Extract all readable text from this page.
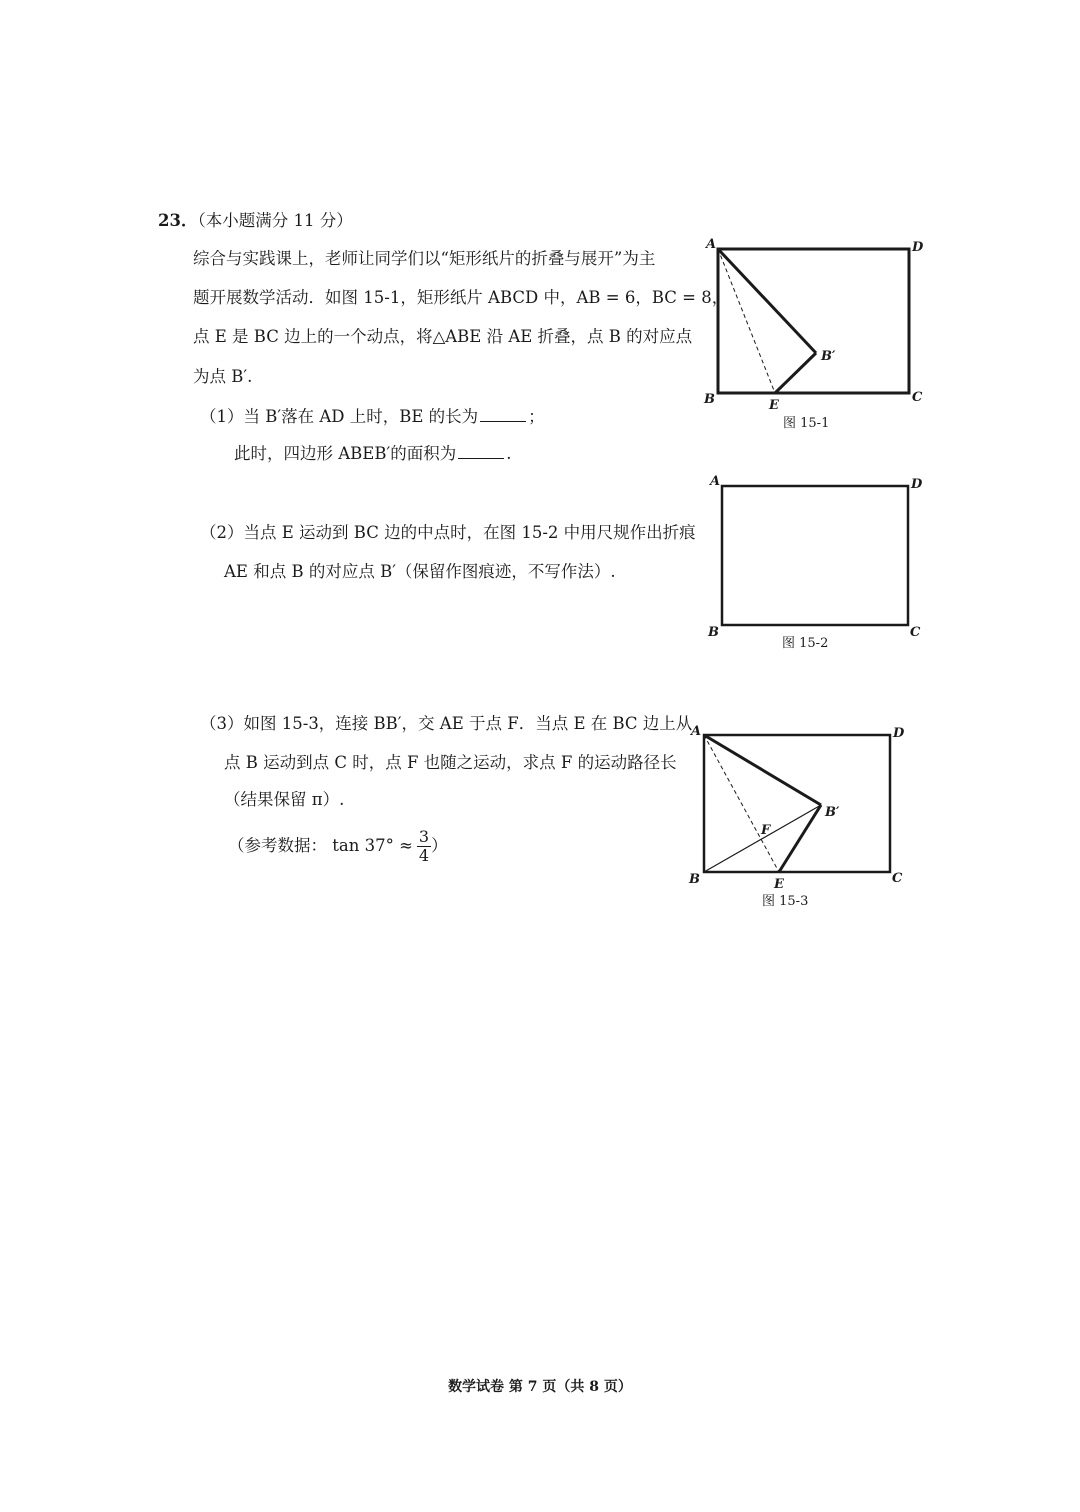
23．（本小题满分 11 分）
综合与实践课上，老师让同学们以“矩形纸片的折叠与展开”为主
题开展数学活动．如图 15-1，矩形纸片 ABCD 中，AB = 6，BC = 8，
点 E 是 BC 边上的一个动点，将△ABE 沿 AE 折叠，点 B 的对应点
为点 B′.
（1）当 B′落在 AD 上时，BE 的长为	；
此时，四边形 ABEB′的面积为	.
（2）当点 E 运动到 BC 边的中点时，在图 15-2 中用尺规作出折痕
AE 和点 B 的对应点 B′（保留作图痕迹，不写作法）.
（3）如图 15-3，连接 BB′，交 AE 于点 F．当点 E 在 BC 边上从
点 B 运动到点 C 时，点 F 也随之运动，求点 F 的运动路径长
（结果保留 π）.
（参考数据： $\tan 37^\circ \approx \frac{3}{4}$ ）
A	D
B	C
E
B′
图 15-1
A	D
B	C
图 15-2
A	D
B	C
E
B′
F
图 15-3
数学试卷 第 7 页（共 8 页）
